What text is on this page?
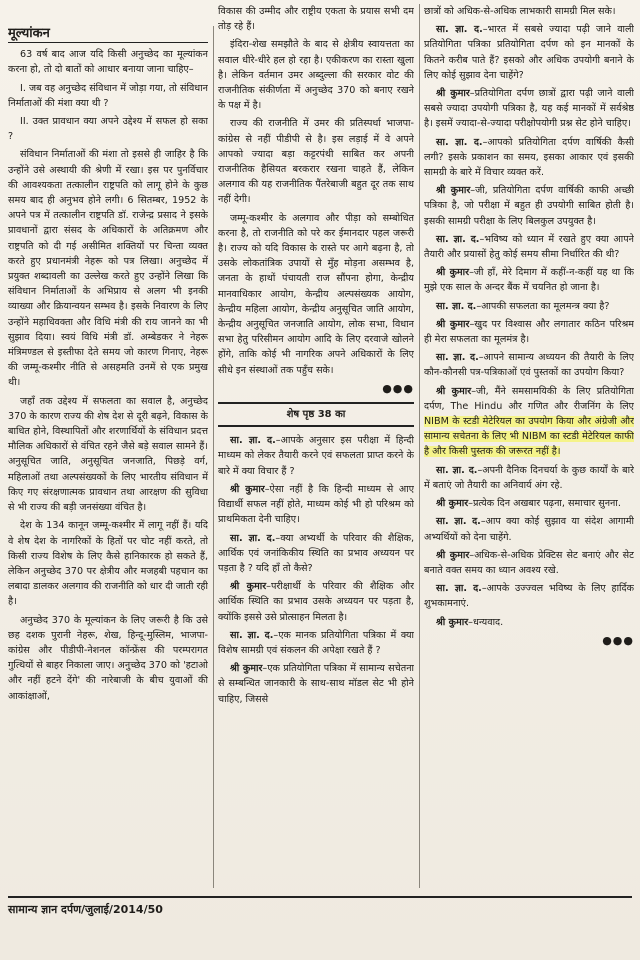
मूल्यांकन

63 वर्ष बाद आज यदि किसी अनुच्छेद का मूल्यांकन करना हो, तो दो बातों को आधार बनाया जाना चाहिए–

I. जब वह अनुच्छेद संविधान में जोड़ा गया, तो संविधान निर्माताओं की मंशा क्या थी ?

II. उक्त प्रावधान क्या अपने उद्देश्य में सफल हो सका ?

संविधान निर्माताओं की मंशा तो इससे ही जाहिर है कि उन्होंने उसे अस्थायी की श्रेणी में रखा। इस पर पुनर्विचार की आवश्यकता तत्कालीन राष्ट्रपति को लागू होने के कुछ समय बाद ही अनुभव होने लगी। 6 सितम्बर, 1952 के अपने पत्र में तत्कालीन राष्ट्रपति डॉ. राजेन्द्र प्रसाद ने इसके प्रावधानों द्वारा संसद के अधिकारों के अतिक्रमण और राष्ट्रपति को दी गई असीमित शक्तियों पर चिन्ता व्यक्त करते हुए प्रधानमंत्री नेहरू को पत्र लिखा। अनुच्छेद में प्रयुक्त शब्दावली का उल्लेख करते हुए उन्होंने लिखा कि संविधान निर्माताओं के अभिप्राय से अलग भी इनकी व्याख्या और क्रियान्वयन सम्भव है। इसके निवारण के लिए उन्होंने महाधिवक्ता और विधि मंत्री की राय जानने का भी सुझाव दिया। स्वयं विधि मंत्री डॉ. अम्बेडकर ने नेहरू मंत्रिमण्डल से इस्तीफा देते समय जो कारण गिनाए, नेहरू की जम्मू-कश्मीर नीति से असहमति उनमें से एक प्रमुख थी।

जहाँ तक उद्देश्य में सफलता का सवाल है, अनुच्छेद 370 के कारण राज्य की शेष देश से दूरी बढ़ने, विकास के बाधित होने, विस्थापितों और शरणार्थियों के संविधान प्रदत्त मौलिक अधिकारों से वंचित रहने जैसे बड़े सवाल सामने हैं। अनुसूचित जाति, अनुसूचित जनजाति, पिछड़े वर्ग, महिलाओं तथा अल्पसंख्यकों के लिए भारतीय संविधान में किए गए संरक्षणात्मक प्रावधान तथा आरक्षण की सुविधा से भी राज्य की बड़ी जनसंख्या वंचित है।

देश के 134 कानून जम्मू-कश्मीर में लागू नहीं हैं। यदि वे शेष देश के नागरिकों के हितों पर चोट नहीं करते, तो किसी राज्य विशेष के लिए कैसे हानिकारक हो सकते हैं, लेकिन अनुच्छेद 370 पर क्षेत्रीय और मजहबी पहचान का लबादा डालकर अलगाव की राजनीति को धार दी जाती रही है।

अनुच्छेद 370 के मूल्यांकन के लिए जरूरी है कि उसे छह दशक पुरानी नेहरू, शेख, हिन्दू-मुस्लिम, भाजपा-कांग्रेस और पीडीपी-नेशनल कॉन्फ्रेंस की परम्परागत गुत्थियों से बाहर निकाला जाए। अनुच्छेद 370 को 'हटाओ और नहीं हटने देंगे' की नारेबाजी के बीच युवाओं की आकांक्षाओं,

विकास की उम्मीद और राष्ट्रीय एकता के प्रयास सभी दम तोड़ रहे हैं।

इंदिरा-शेख समझौते के बाद से क्षेत्रीय स्वायत्तता का सवाल धीरे-धीरे हल हो रहा है। एकीकरण का रास्ता खुला है। लेकिन वर्तमान उमर अब्दुल्ला की सरकार वोट की राजनीतिक संकीर्णता में अनुच्छेद 370 को बनाए रखने के पक्ष में है।

राज्य की राजनीति में उमर की प्रतिस्पर्धा भाजपा-कांग्रेस से नहीं पीडीपी से है। इस लड़ाई में वे अपने आपको ज्यादा बड़ा कट्टरपंथी साबित कर अपनी राजनीतिक हैसियत बरकरार रखना चाहते हैं, लेकिन अलगाव की यह राजनीतिक पैंतरेबाजी बहुत दूर तक साथ नहीं देगी।

जम्मू-कश्मीर के अलगाव और पीड़ा को सम्बोधित करना है, तो राजनीति को परे कर ईमानदार पहल जरूरी है। राज्य को यदि विकास के रास्ते पर आगे बढ़ना है, तो उसके लोकतांत्रिक उपायों से मुँह मोड़ना असम्भव है, जनता के हाथों पंचायती राज सौंपना होगा, केन्द्रीय मानवाधिकार आयोग, केन्द्रीय अल्पसंख्यक आयोग, केन्द्रीय महिला आयोग, केन्द्रीय अनुसूचित जाति आयोग, केन्द्रीय अनुसूचित जनजाति आयोग, लोक सभा, विधान सभा हेतु परिसीमन आयोग आदि के लिए दरवाजे खोलने होंगे, ताकि कोई भी नागरिक अपने अधिकारों के लिए सीधे इन संस्थाओं तक पहुँच सके।

●●●
शेष पृष्ठ 38 का

सा. ज्ञा. द.–आपके अनुसार इस परीक्षा में हिन्दी माध्यम को लेकर तैयारी करने एवं सफलता प्राप्त करने के बारे में क्या विचार हैं ?

श्री कुमार–ऐसा नहीं है कि हिन्दी माध्यम से आए विद्यार्थी सफल नहीं होते, माध्यम कोई भी हो परिश्रम को प्राथमिकता देनी चाहिए।

सा. ज्ञा. द.–क्या अभ्यर्थी के परिवार की शैक्षिक, आर्थिक एवं जनांकिकीय स्थिति का प्रभाव अध्ययन पर पड़ता है ? यदि हाँ तो कैसे?

श्री कुमार–परीक्षार्थी के परिवार की शैक्षिक और आर्थिक स्थिति का प्रभाव उसके अध्ययन पर पड़ता है, क्योंकि इससे उसे प्रोत्साहन मिलता है।

सा. ज्ञा. द.–एक मानक प्रतियोगिता पत्रिका में क्या विशेष सामग्री एवं संकलन की अपेक्षा रखते हैं ?

श्री कुमार–एक प्रतियोगिता पत्रिका में सामान्य सचेतना से सम्बन्धित जानकारी के साथ-साथ मॉडल सेट भी होने चाहिए, जिससे

छात्रों को अधिक-से-अधिक लाभकारी सामग्री मिल सके।

सा. ज्ञा. द.–भारत में सबसे ज्यादा पढ़ी जाने वाली प्रतियोगिता पत्रिका प्रतियोगिता दर्पण को इन मानकों के कितने करीब पाते हैं? इसको और अधिक उपयोगी बनाने के लिए कोई सुझाव देना चाहेंगे?

श्री कुमार–प्रतियोगिता दर्पण छात्रों द्वारा पढ़ी जाने वाली सबसे ज्यादा उपयोगी पत्रिका है, यह कई मानकों में सर्वश्रेष्ठ है। इसमें ज्यादा-से-ज्यादा परीक्षोपयोगी प्रश्न सेट होने चाहिए।

सा. ज्ञा. द.–आपको प्रतियोगिता दर्पण वार्षिकी कैसी लगी? इसके प्रकाशन का समय, इसका आकार एवं इसकी सामग्री के बारे में विचार व्यक्त करें.

श्री कुमार–जी, प्रतियोगिता दर्पण वार्षिकी काफी अच्छी पत्रिका है, जो परीक्षा में बहुत ही उपयोगी साबित होती है। इसकी सामग्री परीक्षा के लिए बिलकुल उपयुक्त है।

सा. ज्ञा. द.–भविष्य को ध्यान में रखते हुए क्या आपने तैयारी और प्रयासों हेतु कोई समय सीमा निर्धारित की थी?

श्री कुमार–जी हाँ, मेरे दिमाग में कहीं-न-कहीं यह था कि मुझे एक साल के अन्दर बैंक में चयनित हो जाना है।

सा. ज्ञा. द.–आपकी सफलता का मूलमन्त्र क्या है?

श्री कुमार–खुद पर विश्वास और लगातार कठिन परिश्रम ही मेरा सफलता का मूलमंत्र है।

सा. ज्ञा. द.–आपने सामान्य अध्ययन की तैयारी के लिए कौन-कौनसी पत्र-पत्रिकाओं एवं पुस्तकों का उपयोग किया?

श्री कुमार–जी, मैंने समसामयिकी के लिए प्रतियोगिता दर्पण, The Hindu और गणित और रीजनिंग के लिए NIBM के स्टडी मेटेरियल का उपयोग किया और अंग्रेजी और सामान्य सचेतना के लिए भी NIBM का स्टडी मेटेरियल काफी है और किसी पुस्तक की जरूरत नहीं है।

सा. ज्ञा. द.–अपनी दैनिक दिनचर्या के कुछ कार्यों के बारे में बताएं जो तैयारी का अनिवार्य अंग रहे.

श्री कुमार–प्रत्येक दिन अखबार पढ़ना, समाचार सुनना.

सा. ज्ञा. द.–आप क्या कोई सुझाव या संदेश आगामी अभ्यर्थियों को देना चाहेंगे.

श्री कुमार–अधिक-से-अधिक प्रेक्टिस सेट बनाएं और सेट बनाते वक्त समय का ध्यान अवश्य रखे.

सा. ज्ञा. द.–आपके उज्ज्वल भविष्य के लिए हार्दिक शुभकामनाएं.

श्री कुमार–धन्यवाद.

●●●
सामान्य ज्ञान दर्पण/जुलाई/2014/50
